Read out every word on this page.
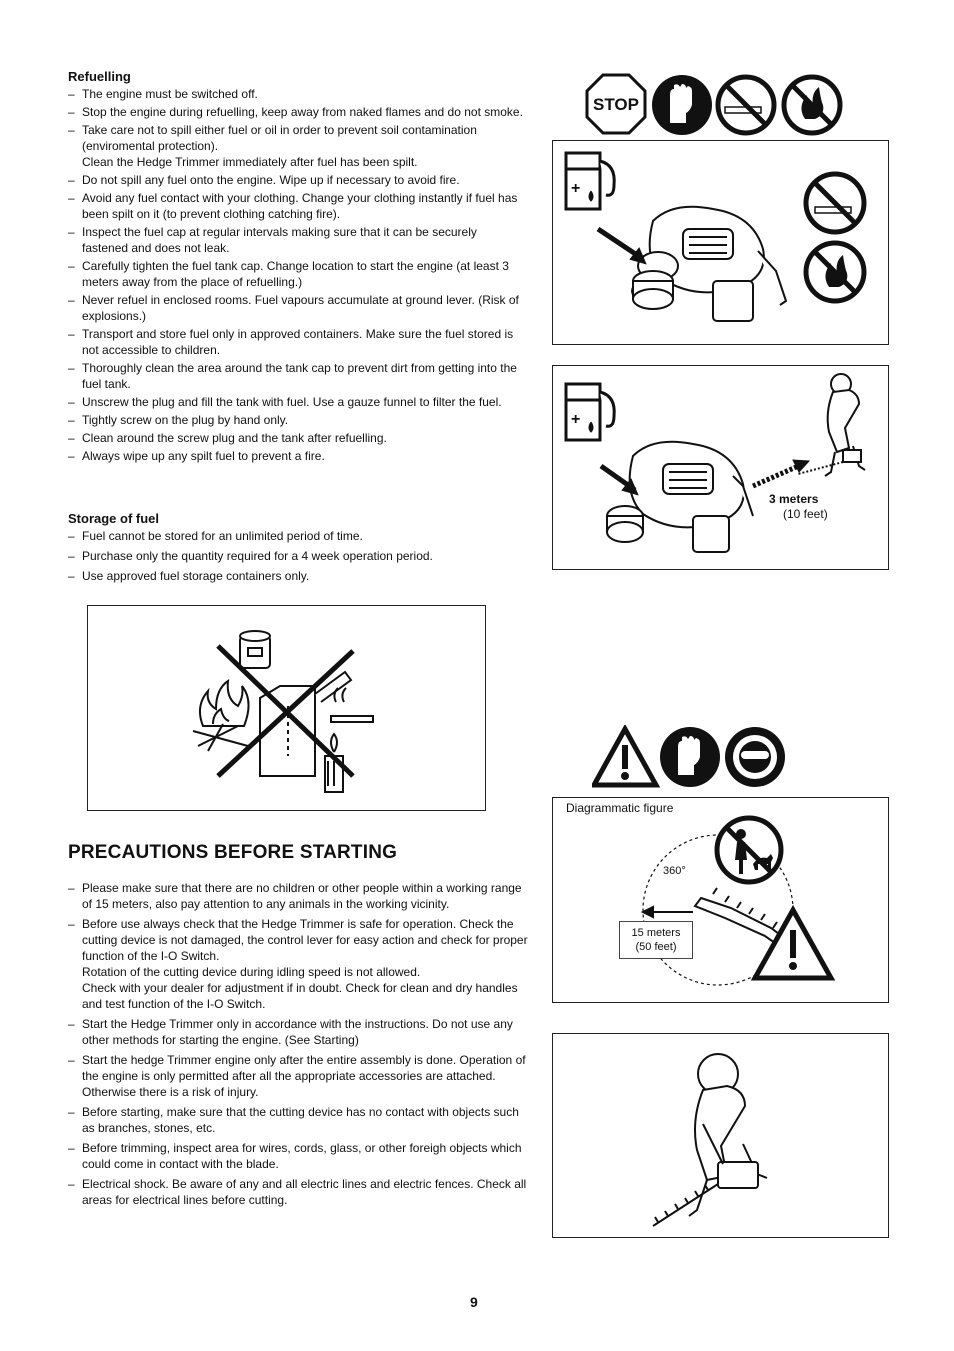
Refuelling
– The engine must be switched off.
– Stop the engine during refuelling, keep away from naked flames and do not smoke.
– Take care not to spill either fuel or oil in order to prevent soil contamination (enviromental protection).
Clean the Hedge Trimmer immediately after fuel has been spilt.
– Do not spill any fuel onto the engine. Wipe up if necessary to avoid fire.
– Avoid any fuel contact with your clothing. Change your clothing instantly if fuel has been spilt on it (to prevent clothing catching fire).
– Inspect the fuel cap at regular intervals making sure that it can be securely fastened and does not leak.
– Carefully tighten the fuel tank cap. Change location to start the engine (at least 3 meters away from the place of refuelling.)
– Never refuel in enclosed rooms. Fuel vapours accumulate at ground lever. (Risk of explosions.)
– Transport and store fuel only in approved containers. Make sure the fuel stored is not accessible to children.
– Thoroughly clean the area around the tank cap to prevent dirt from getting into the fuel tank.
– Unscrew the plug and fill the tank with fuel. Use a gauze funnel to filter the fuel.
– Tightly screw on the plug by hand only.
– Clean around the screw plug and the tank after refuelling.
– Always wipe up any spilt fuel to prevent a fire.
Storage of fuel
– Fuel cannot be stored for an unlimited period of time.
– Purchase only the quantity required for a 4 week operation period.
– Use approved fuel storage containers only.
PRECAUTIONS BEFORE STARTING
– Please make sure that there are no children or other people within a working range of 15 meters, also pay attention to any animals in the working vicinity.
– Before use always check that the Hedge Trimmer is safe for operation. Check the cutting device is not damaged, the control lever for easy action and check for proper function of the I-O Switch.
Rotation of the cutting device during idling speed is not allowed.
Check with your dealer for adjustment if in doubt. Check for clean and dry handles and test function of the I-O Switch.
– Start the Hedge Trimmer only in accordance with the instructions. Do not use any other methods for starting the engine. (See Starting)
– Start the hedge Trimmer engine only after the entire assembly is done. Operation of the engine is only permitted after all the appropriate accessories are attached. Otherwise there is a risk of injury.
– Before starting, make sure that the cutting device has no contact with objects such as branches, stones, etc.
– Before trimming, inspect area for wires, cords, glass, or other foreigh objects which could come in contact with the blade.
– Electrical shock. Be aware of any and all electric lines and electric fences. Check all areas for electrical lines before cutting.
STOP
+
+
3 meters
(10 feet)
Diagrammatic figure
360°
15 meters
(50 feet)
9
